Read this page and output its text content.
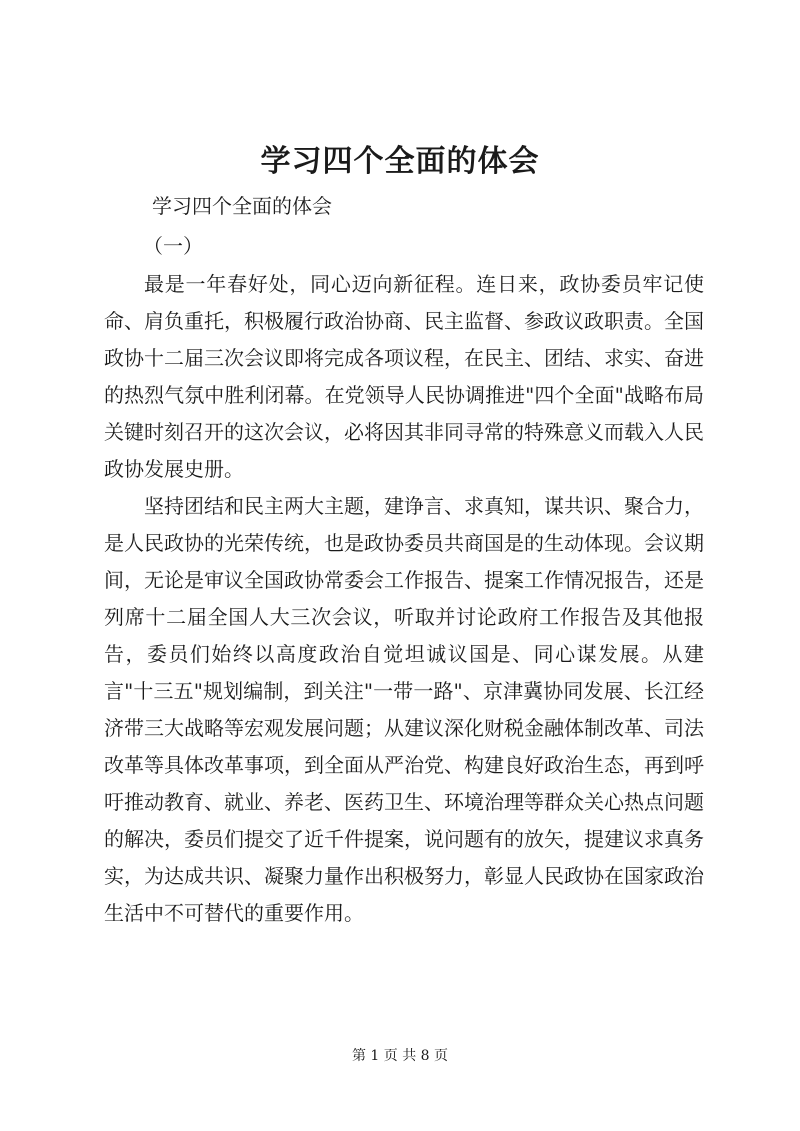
学习四个全面的体会
学习四个全面的体会
（一）

最是一年春好处，同心迈向新征程。连日来，政协委员牢记使命、肩负重托，积极履行政治协商、民主监督、参政议政职责。全国政协十二届三次会议即将完成各项议程，在民主、团结、求实、奋进的热烈气氛中胜利闭幕。在党领导人民协调推进"四个全面"战略布局关键时刻召开的这次会议，必将因其非同寻常的特殊意义而载入人民政协发展史册。

坚持团结和民主两大主题，建诤言、求真知，谋共识、聚合力，是人民政协的光荣传统，也是政协委员共商国是的生动体现。会议期间，无论是审议全国政协常委会工作报告、提案工作情况报告，还是列席十二届全国人大三次会议，听取并讨论政府工作报告及其他报告，委员们始终以高度政治自觉坦诚议国是、同心谋发展。从建言"十三五"规划编制，到关注"一带一路"、京津冀协同发展、长江经济带三大战略等宏观发展问题；从建议深化财税金融体制改革、司法改革等具体改革事项，到全面从严治党、构建良好政治生态，再到呼吁推动教育、就业、养老、医药卫生、环境治理等群众关心热点问题的解决，委员们提交了近千件提案，说问题有的放矢，提建议求真务实，为达成共识、凝聚力量作出积极努力，彰显人民政协在国家政治生活中不可替代的重要作用。

第 1 页 共 8 页
